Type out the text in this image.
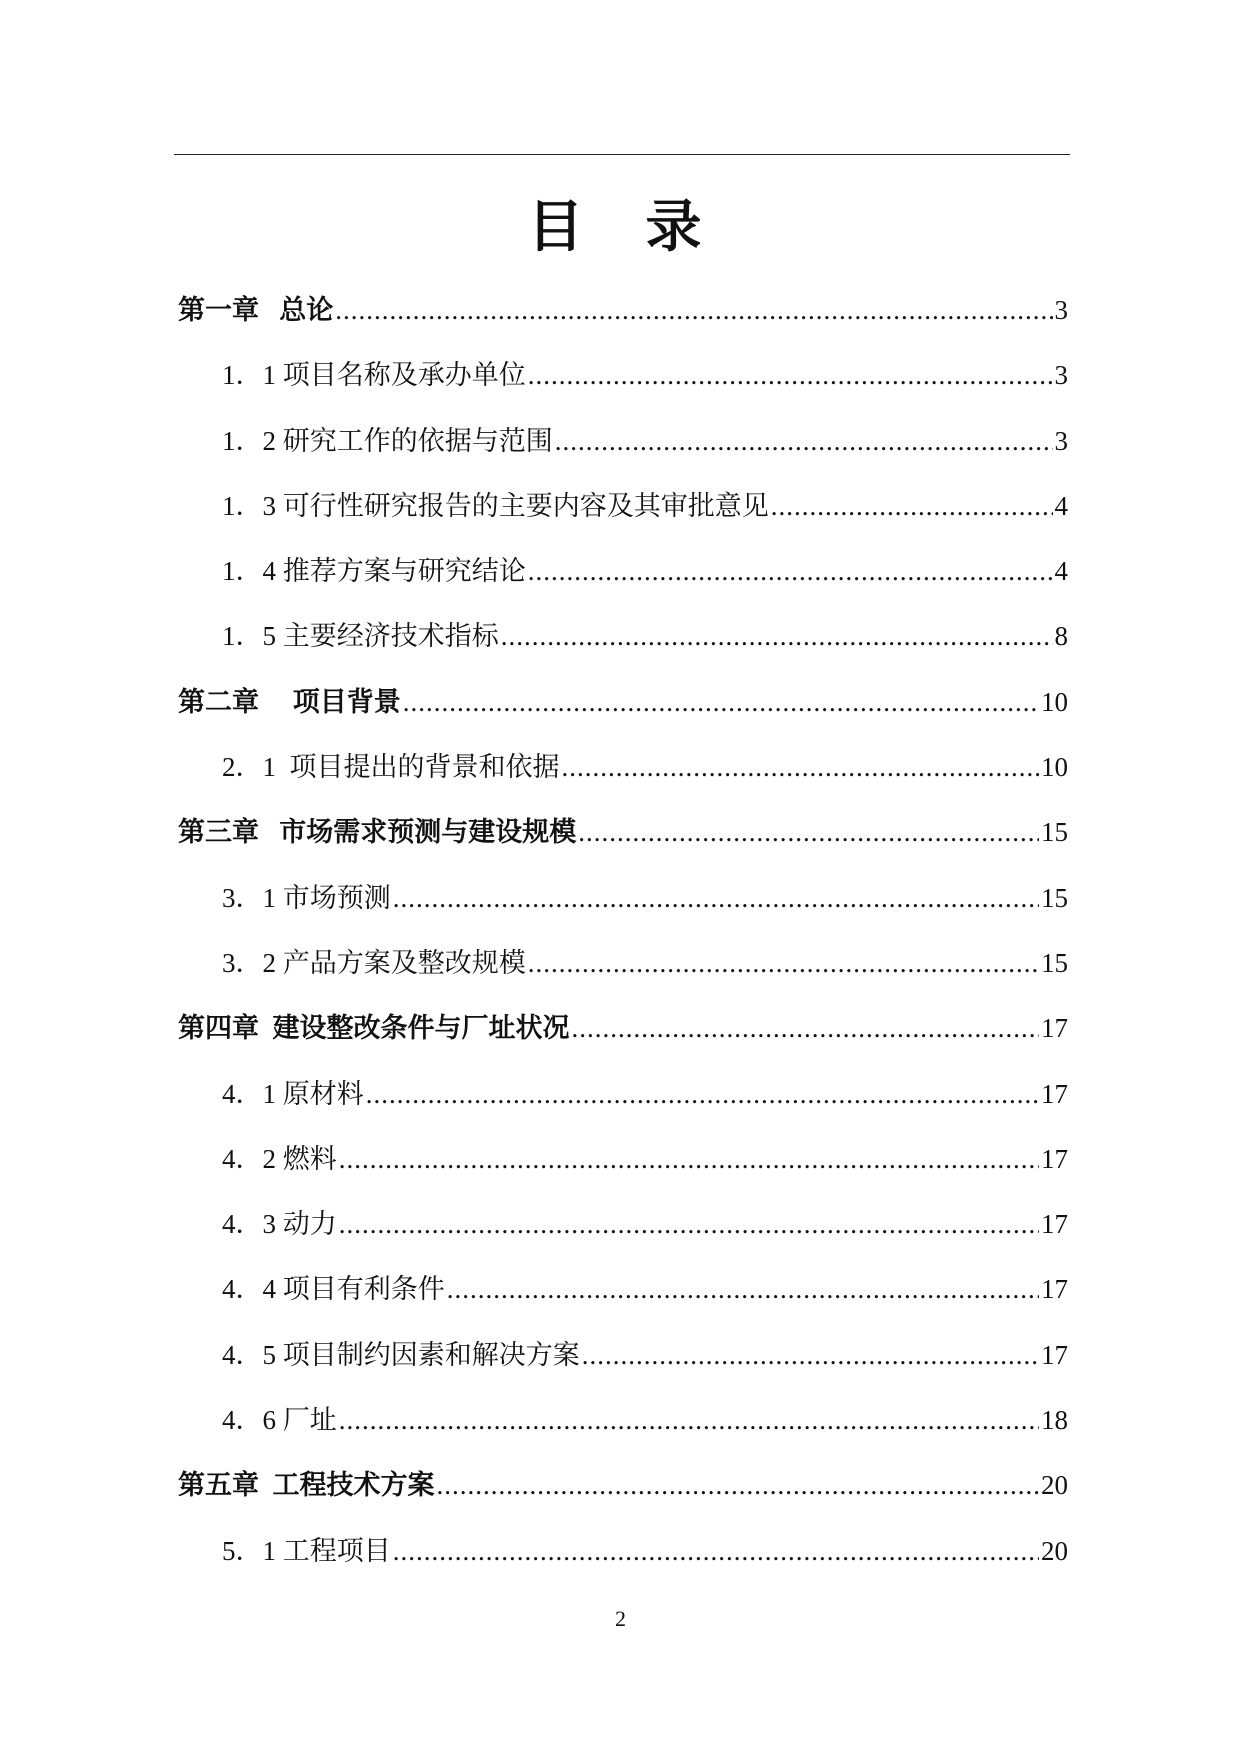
目 录
第一章   总论 .....	3
1．1 项目名称及承办单位 .....	3
1．2 研究工作的依据与范围 .....	3
1．3 可行性研究报告的主要内容及其审批意见 .....	4
1．4 推荐方案与研究结论 .....	4
1．5 主要经济技术指标 .....	8
第二章     项目背景 .....	10
2．1  项目提出的背景和依据 .....	10
第三章   市场需求预测与建设规模 .....	15
3．1 市场预测 .....	15
3．2 产品方案及整改规模 .....	15
第四章  建设整改条件与厂址状况 .....	17
4．1 原材料 .....	17
4．2 燃料 .....	17
4．3 动力 .....	17
4．4 项目有利条件 .....	17
4．5 项目制约因素和解决方案 .....	17
4．6 厂址 .....	18
第五章  工程技术方案 .....	20
5．1 工程项目 .....	20
2
